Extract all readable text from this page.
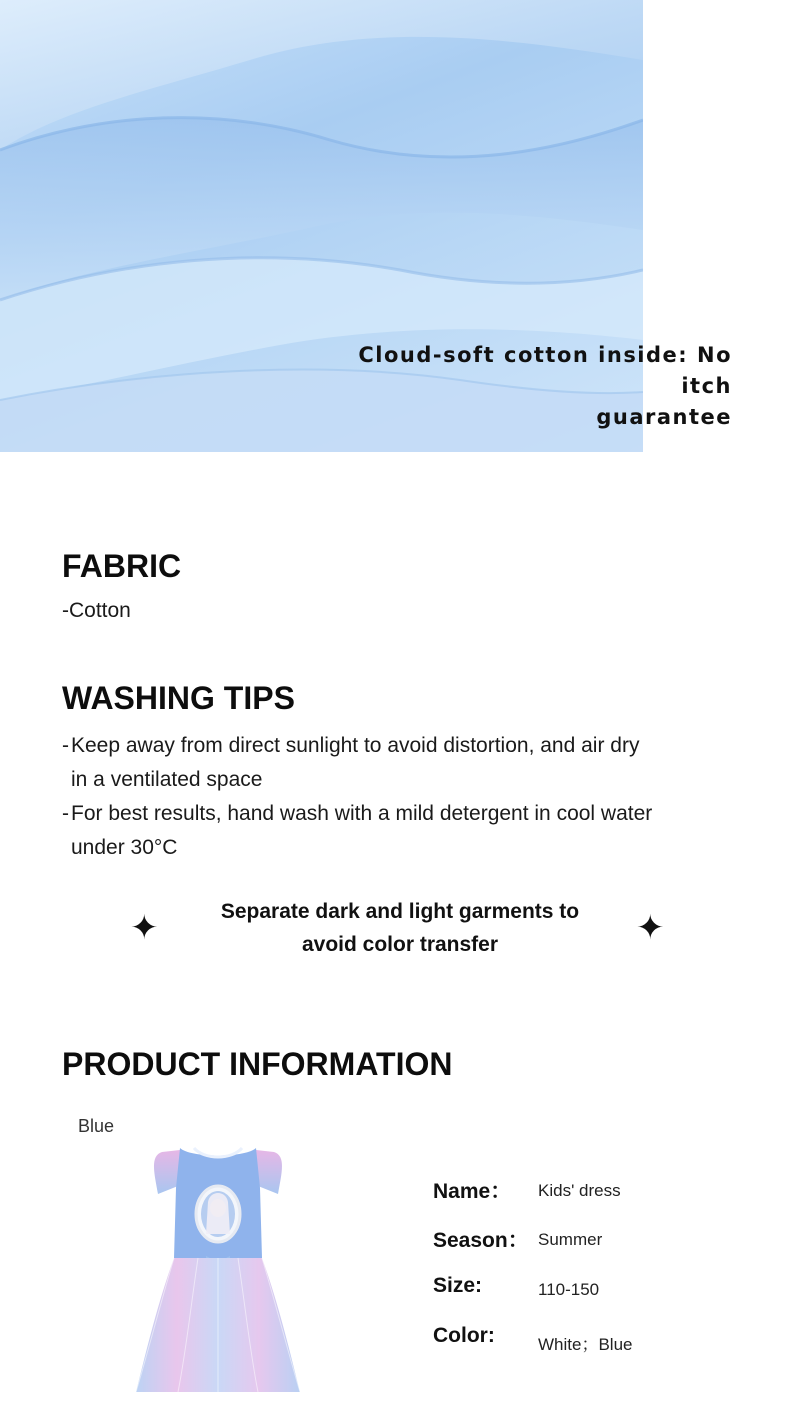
Cloud-soft cotton inside: No itch
guarantee
FABRIC
-Cotton
WASHING TIPS
- Keep away from direct sunlight to avoid distortion, and air dry
in a ventilated space
- For best results, hand wash with a mild detergent in cool water
under 30°C
✦	Separate dark and light garments to
avoid color transfer	✦
PRODUCT INFORMATION
Blue
Name： Kids' dress
Season： Summer
Size:	110-150
Color:	White；Blue
